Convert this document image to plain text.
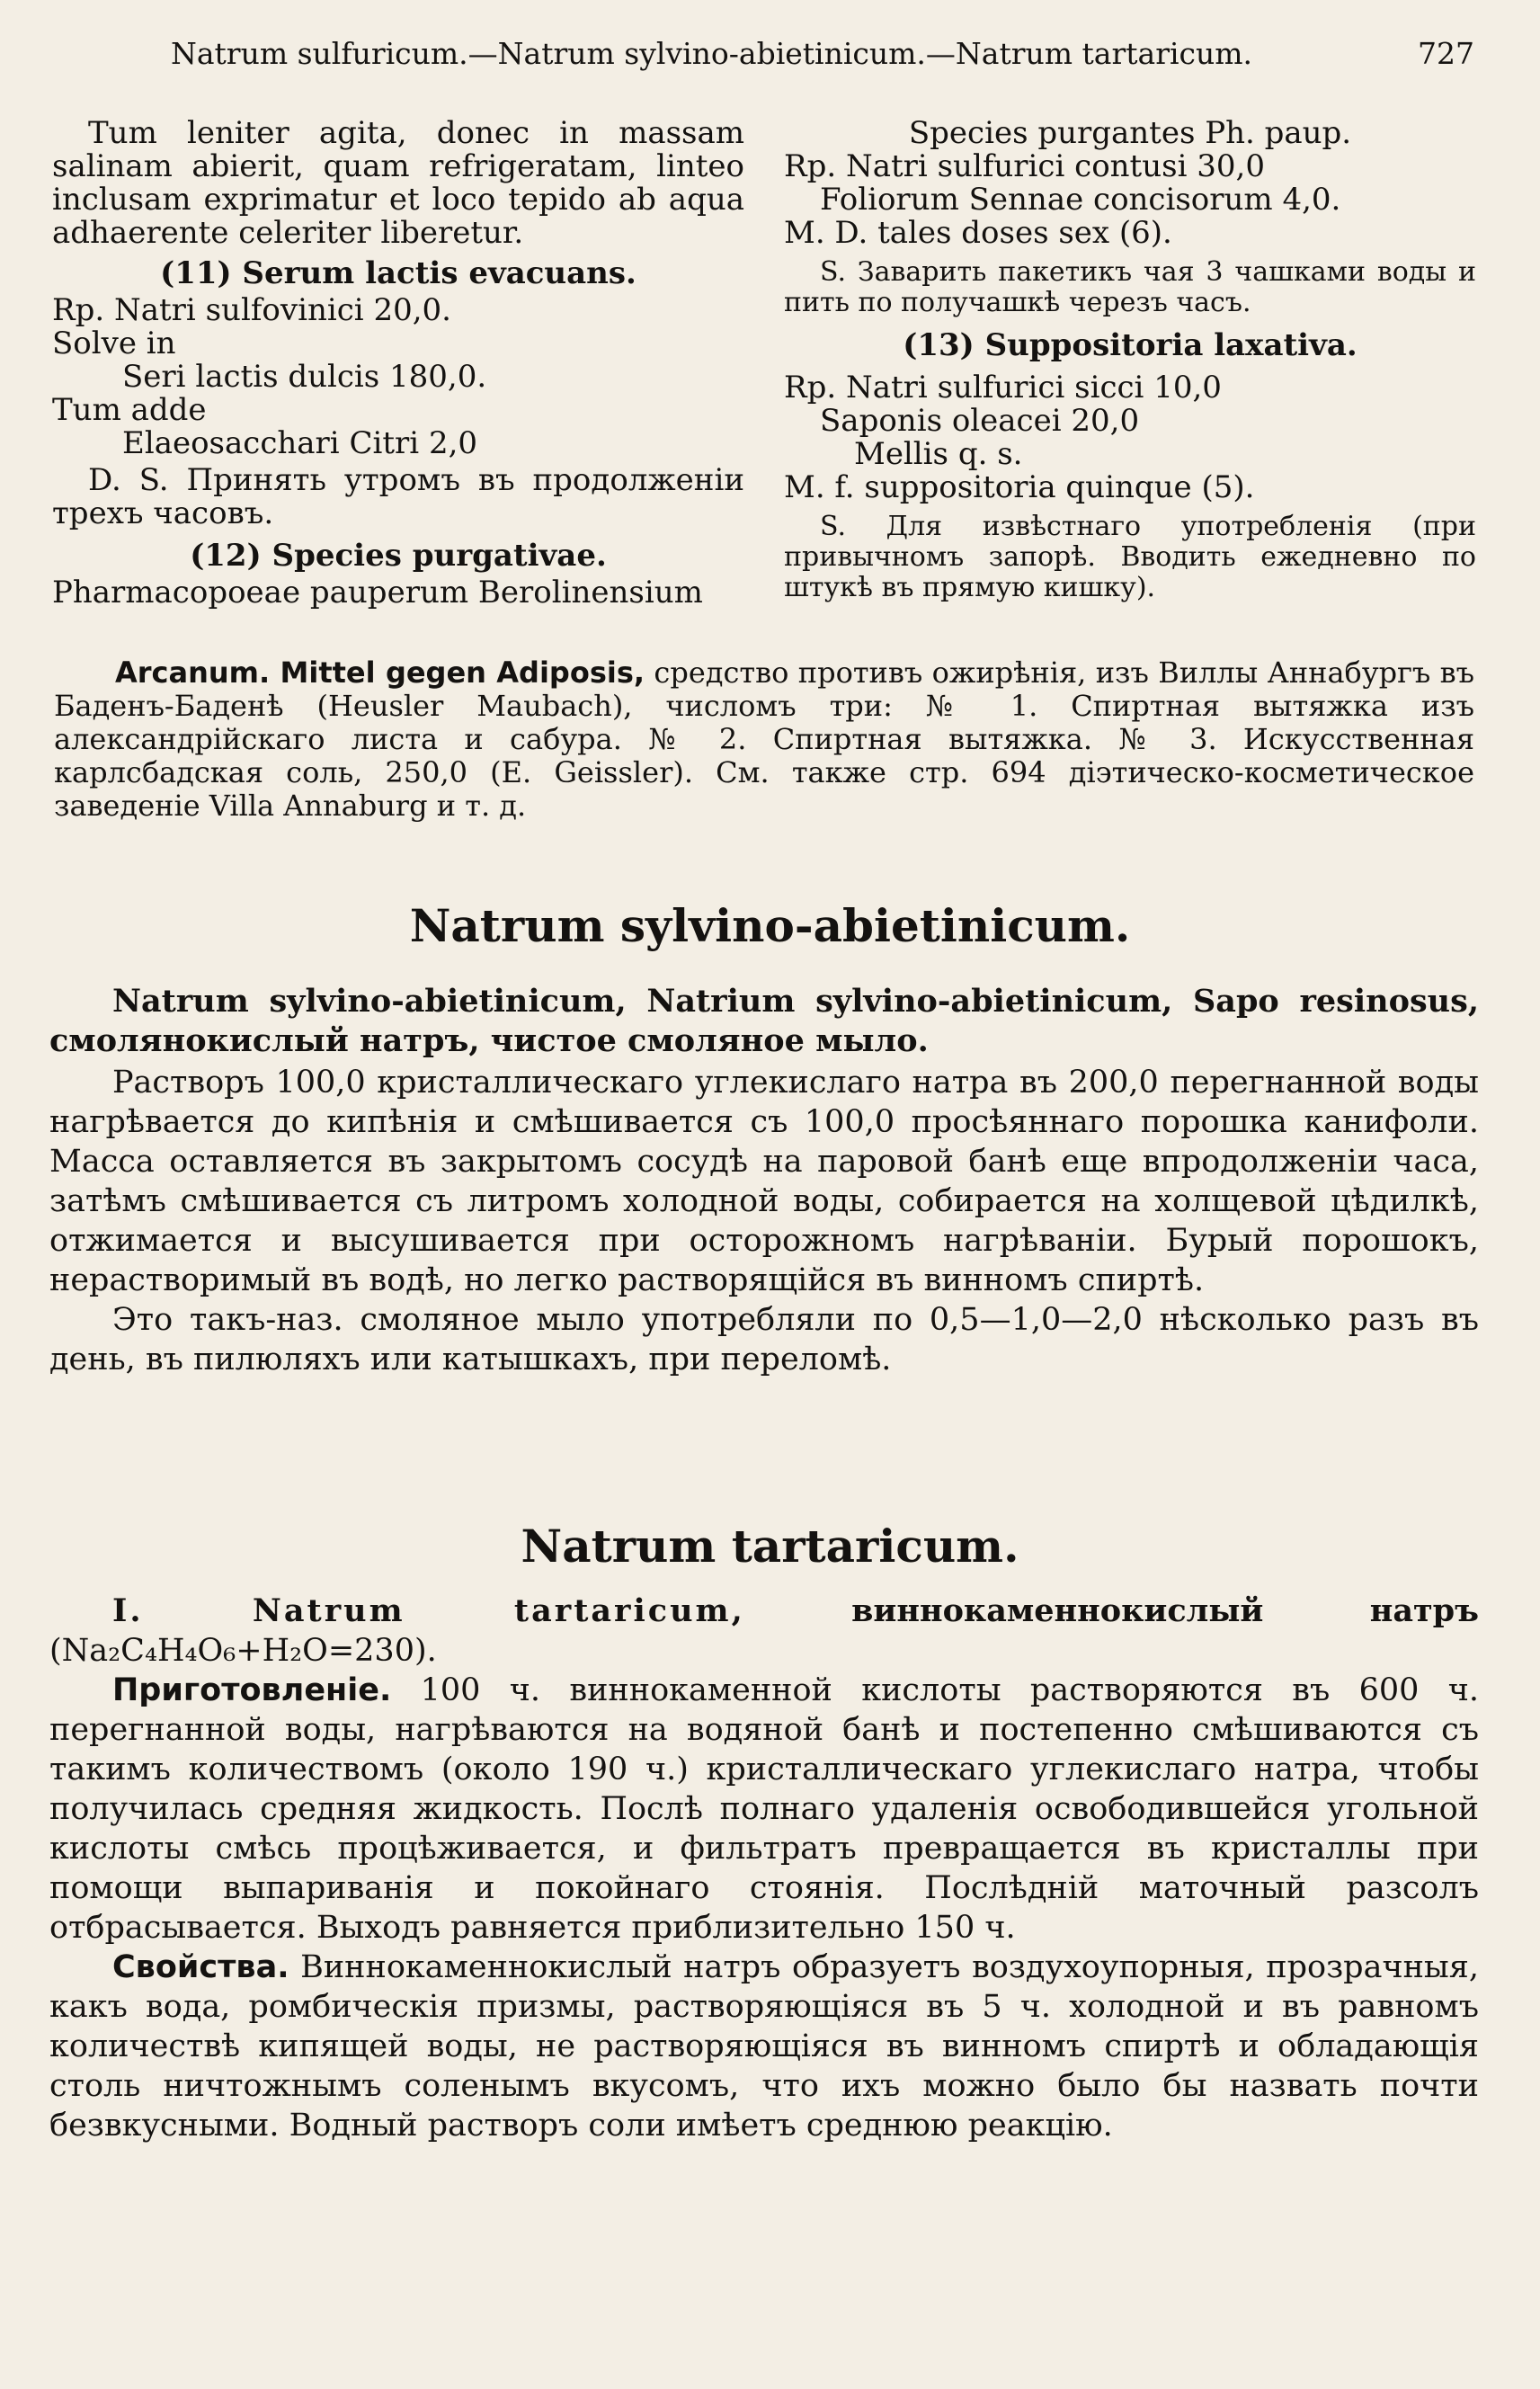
Natrum sulfuricum.—Natrum sylvino-abietinicum.—Natrum tartaricum.	727

Tum leniter agita, donec in massam salinam abierit, quam refrigeratam, linteo inclusam exprimatur et loco tepido ab aqua adhaerente celeriter liberetur.

(11) Serum lactis evacuans.

Rp. Natri sulfovinici 20,0.

Solve in

Seri lactis dulcis 180,0.

Tum adde

Elaeosacchari Citri 2,0

D. S. Принять утромъ въ продолженіи трехъ часовъ.

(12) Species purgativae.

Pharmacopoeae pauperum Berolinensium

Species purgantes Ph. paup.

Rp. Natri sulfurici contusi 30,0

Foliorum Sennae concisorum 4,0.

M. D. tales doses sex (6).

S. Заварить пакетикъ чая 3 чашками воды и пить по получашкѣ черезъ часъ.

(13) Suppositoria laxativa.

Rp. Natri sulfurici sicci 10,0

Saponis oleacei 20,0

Mellis q. s.

M. f. suppositoria quinque (5).

S. Для извѣстнаго употребленія (при привычномъ запорѣ. Вводить ежедневно по штукѣ въ прямую кишку).

Arcanum. Mittel gegen Adiposis, средство противъ ожирѣнія, изъ Виллы Аннабургъ въ Баденъ-Баденѣ (Heusler Maubach), числомъ три: № 1. Спиртная вытяжка изъ александрійскаго листа и сабура. № 2. Спиртная вытяжка. № 3. Искусственная карлсбадская соль, 250,0 (E. Geissler). См. также стр. 694 діэтическо-косметическое заведеніе Villa Annaburg и т. д.

Natrum sylvino-abietinicum.

Natrum sylvino-abietinicum, Natrium sylvino-abietinicum, Sapo resinosus, смолянокислый натръ, чистое смоляное мыло.

Растворъ 100,0 кристаллическаго углекислаго натра въ 200,0 перегнанной воды нагрѣвается до кипѣнія и смѣшивается съ 100,0 просѣяннаго порошка канифоли. Масса оставляется въ закрытомъ сосудѣ на паровой банѣ еще впродолженіи часа, затѣмъ смѣшивается съ литромъ холодной воды, собирается на холщевой цѣдилкѣ, отжимается и высушивается при осторожномъ нагрѣваніи. Бурый порошокъ, нерастворимый въ водѣ, но легко растворящійся въ винномъ спиртѣ.

Это такъ-наз. смоляное мыло употребляли по 0,5—1,0—2,0 нѣсколько разъ въ день, въ пилюляхъ или катышкахъ, при переломѣ.

Natrum tartaricum.

I. Natrum tartaricum, виннокаменнокислый натръ (Na₂C₄H₄O₆+H₂O=230).

Приготовленіе. 100 ч. виннокаменной кислоты растворяются въ 600 ч. перегнанной воды, нагрѣваются на водяной банѣ и постепенно смѣшиваются съ такимъ количествомъ (около 190 ч.) кристаллическаго углекислаго натра, чтобы получилась средняя жидкость. Послѣ полнаго удаленія освободившейся угольной кислоты смѣсь процѣживается, и фильтратъ превращается въ кристаллы при помощи выпариванія и покойнаго стоянія. Послѣдній маточный разсолъ отбрасывается. Выходъ равняется приблизительно 150 ч.

Свойства. Виннокаменнокислый натръ образуетъ воздухоупорныя, прозрачныя, какъ вода, ромбическія призмы, растворяющіяся въ 5 ч. холодной и въ равномъ количествѣ кипящей воды, не растворяющіяся въ винномъ спиртѣ и обладающія столь ничтожнымъ соленымъ вкусомъ, что ихъ можно было бы назвать почти безвкусными. Водный растворъ соли имѣетъ среднюю реакцію.
